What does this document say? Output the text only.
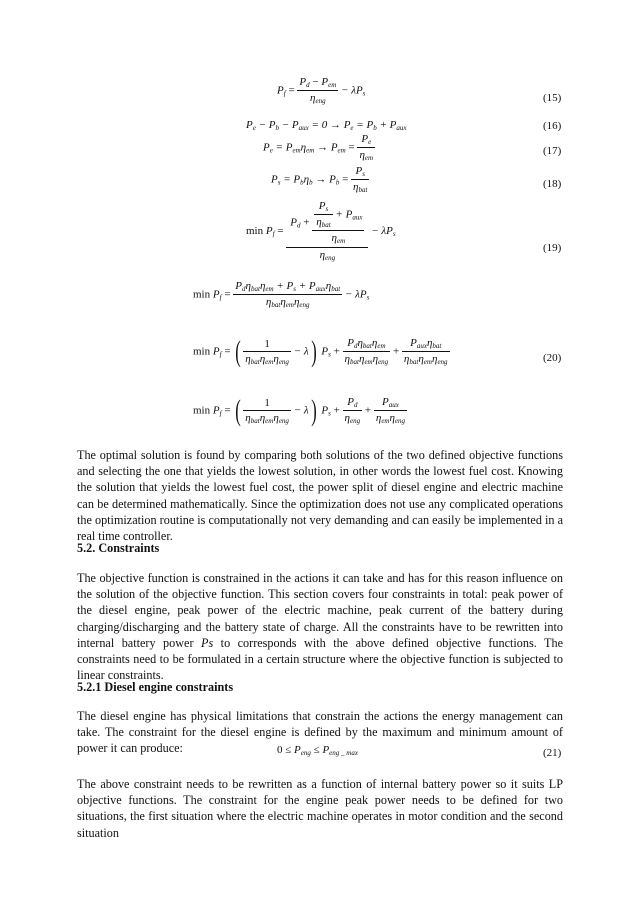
$P_f = \frac{P_d - P_{em}}{\eta_{eng}} - \lambda P_s$	(15)
$P_e - P_b - P_{aux} = 0 \to P_e = P_b + P_{aux}$	(16)
$P_e = P_{em}\eta_{em} \to P_{em} = \frac{P_e}{\eta_{em}}$	(17)
$P_s = P_b\eta_b \to P_b = \frac{P_s}{\eta_{bat}}$	(18)
$\min P_f$ =
$P_d + \frac{\frac{P_s}{\eta_{bat}} + P_{aux}}{\eta_{em}}$
$\eta_{eng}$
− $\lambda P_s$
(19)
$\min P_f = \frac{P_d\eta_{bat}\eta_{em} + P_s + P_{aux}\eta_{bat}}{\eta_{bat}\eta_{em}\eta_{eng}} - \lambda P_s$
$\min P_f$ = ( $\frac{1}{\eta_{bat}\eta_{em}\eta_{eng}} - \lambda$) $P_s + \frac{P_d\eta_{bat}\eta_{em}}{\eta_{bat}\eta_{em}\eta_{eng}} + \frac{P_{aux}\eta_{bat}}{\eta_{bat}\eta_{em}\eta_{eng}}$	(20)
$\min P_f$ = ( $\frac{1}{\eta_{bat}\eta_{em}\eta_{eng}} - \lambda$) $P_s + \frac{P_d}{\eta_{eng}} + \frac{P_{aux}}{\eta_{em}\eta_{eng}}$
The optimal solution is found by comparing both solutions of the two defined objective functions and selecting the one that yields the lowest solution, in other words the lowest fuel cost. Knowing the solution that yields the lowest fuel cost, the power split of diesel engine and electric machine can be determined mathematically. Since the optimization does not use any complicated operations the optimization routine is computationally not very demanding and can easily be implemented in a real time controller.
5.2. Constraints
The objective function is constrained in the actions it can take and has for this reason influence on the solution of the objective function. This section covers four constraints in total: peak power of the diesel engine, peak power of the electric machine, peak current of the battery during charging/discharging and the battery state of charge. All the constraints have to be rewritten into internal battery power Ps to corresponds with the above defined objective functions. The constraints need to be formulated in a certain structure where the objective function is subjected to linear constraints.
5.2.1 Diesel engine constraints
The diesel engine has physical limitations that constrain the actions the energy management can take. The constraint for the diesel engine is defined by the maximum and minimum amount of power it can produce:	$0 \le P_{eng} \le P_{eng \_ max}$	(21)
The above constraint needs to be rewritten as a function of internal battery power so it suits LP objective functions. The constraint for the engine peak power needs to be defined for two situations, the first situation where the electric machine operates in motor condition and the second situation
